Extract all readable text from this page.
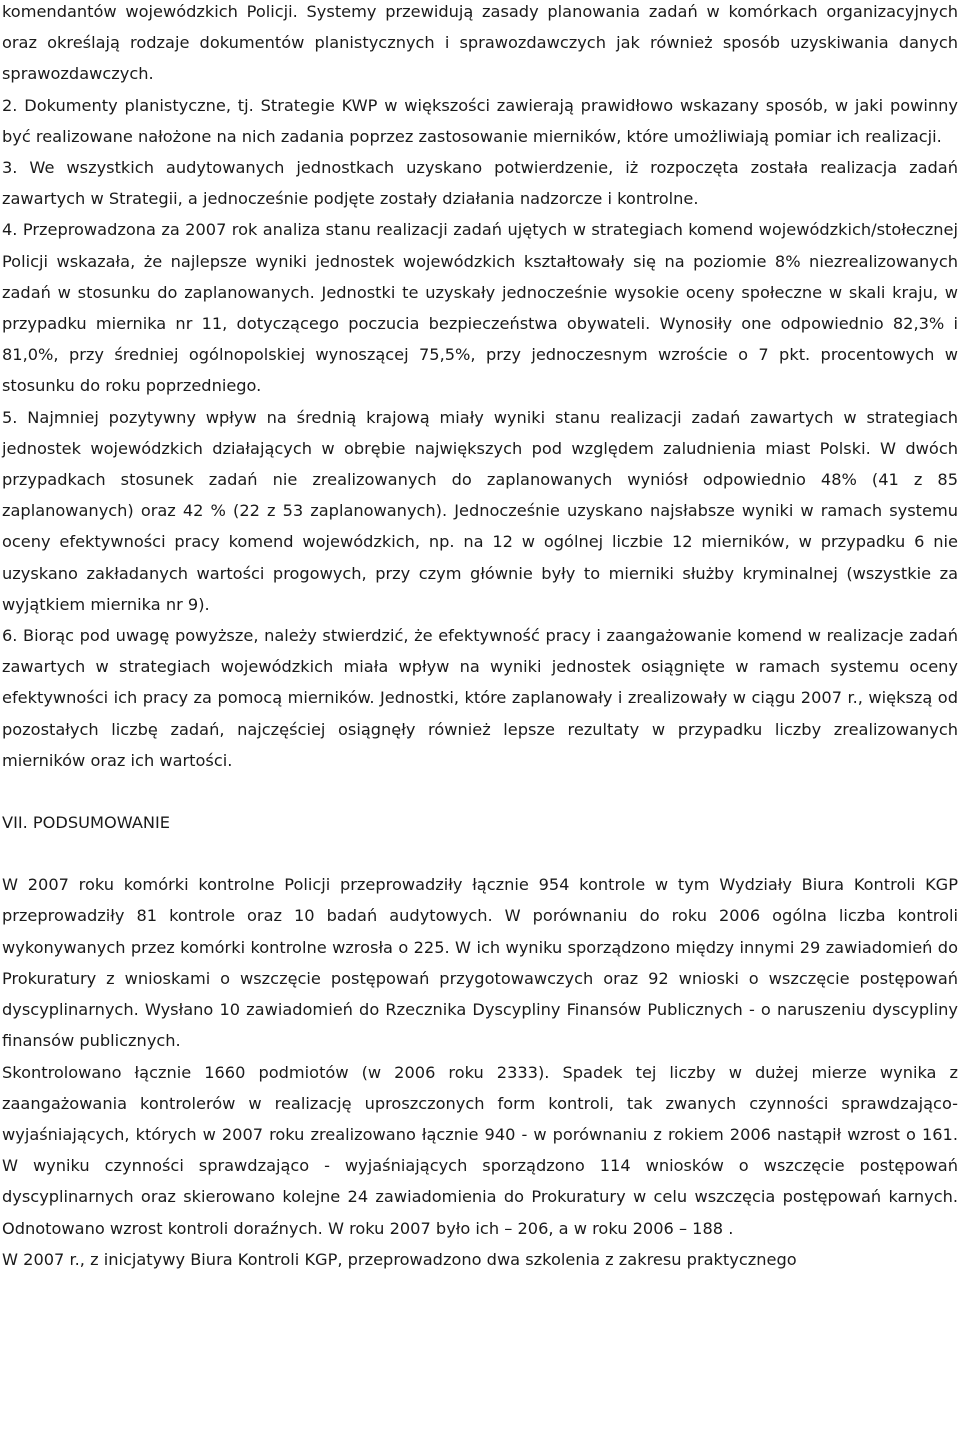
komendantów wojewódzkich Policji. Systemy przewidują zasady planowania zadań w komórkach organizacyjnych oraz określają rodzaje dokumentów planistycznych i sprawozdawczych jak również sposób uzyskiwania danych sprawozdawczych.

2. Dokumenty planistyczne, tj. Strategie KWP w większości zawierają prawidłowo wskazany sposób, w jaki powinny być realizowane nałożone na nich zadania poprzez zastosowanie mierników, które umożliwiają pomiar ich realizacji.

3. We wszystkich audytowanych jednostkach uzyskano potwierdzenie, iż rozpoczęta została realizacja zadań zawartych w Strategii, a jednocześnie podjęte zostały działania nadzorcze i kontrolne.

4. Przeprowadzona za 2007 rok analiza stanu realizacji zadań ujętych w strategiach komend wojewódzkich/stołecznej Policji wskazała, że najlepsze wyniki jednostek wojewódzkich kształtowały się na poziomie 8% niezrealizowanych zadań w stosunku do zaplanowanych. Jednostki te uzyskały jednocześnie wysokie oceny społeczne w skali kraju, w przypadku miernika nr 11, dotyczącego poczucia bezpieczeństwa obywateli. Wynosiły one odpowiednio 82,3% i 81,0%, przy średniej ogólnopolskiej wynoszącej 75,5%, przy jednoczesnym wzroście o 7 pkt. procentowych w stosunku do roku poprzedniego.

5. Najmniej pozytywny wpływ na średnią krajową miały wyniki stanu realizacji zadań zawartych w strategiach jednostek wojewódzkich działających w obrębie największych pod względem zaludnienia miast Polski. W dwóch przypadkach stosunek zadań nie zrealizowanych do zaplanowanych wyniósł odpowiednio 48% (41 z 85 zaplanowanych) oraz 42 % (22 z 53 zaplanowanych). Jednocześnie uzyskano najsłabsze wyniki w ramach systemu oceny efektywności pracy komend wojewódzkich, np. na 12 w ogólnej liczbie 12 mierników, w przypadku 6 nie uzyskano zakładanych wartości progowych, przy czym głównie były to mierniki służby kryminalnej (wszystkie za wyjątkiem miernika nr 9).

6. Biorąc pod uwagę powyższe, należy stwierdzić, że efektywność pracy i zaangażowanie komend w realizacje zadań zawartych w strategiach wojewódzkich miała wpływ na wyniki jednostek osiągnięte w ramach systemu oceny efektywności ich pracy za pomocą mierników. Jednostki, które zaplanowały i zrealizowały w ciągu 2007 r., większą od pozostałych liczbę zadań, najczęściej osiągnęły również lepsze rezultaty w przypadku liczby zrealizowanych mierników oraz ich wartości.

VII. PODSUMOWANIE

W 2007 roku komórki kontrolne Policji przeprowadziły łącznie 954 kontrole w tym Wydziały Biura Kontroli KGP przeprowadziły 81 kontrole oraz 10 badań audytowych. W porównaniu do roku 2006 ogólna liczba kontroli wykonywanych przez komórki kontrolne wzrosła o 225. W ich wyniku sporządzono między innymi 29 zawiadomień do Prokuratury z wnioskami o wszczęcie postępowań przygotowawczych oraz 92 wnioski o wszczęcie postępowań dyscyplinarnych. Wysłano 10 zawiadomień do Rzecznika Dyscypliny Finansów Publicznych - o naruszeniu dyscypliny finansów publicznych.

Skontrolowano łącznie 1660 podmiotów (w 2006 roku 2333). Spadek tej liczby w dużej mierze wynika z zaangażowania kontrolerów w realizację uproszczonych form kontroli, tak zwanych czynności sprawdzająco-wyjaśniających, których w 2007 roku zrealizowano łącznie 940 - w porównaniu z rokiem 2006 nastąpił wzrost o 161. W wyniku czynności sprawdzająco - wyjaśniających sporządzono 114 wniosków o wszczęcie postępowań dyscyplinarnych oraz skierowano kolejne 24 zawiadomienia do Prokuratury w celu wszczęcia postępowań karnych. Odnotowano wzrost kontroli doraźnych. W roku 2007 było ich – 206, a w roku 2006 – 188 .

W 2007 r., z inicjatywy Biura Kontroli KGP, przeprowadzono dwa szkolenia z zakresu praktycznego
